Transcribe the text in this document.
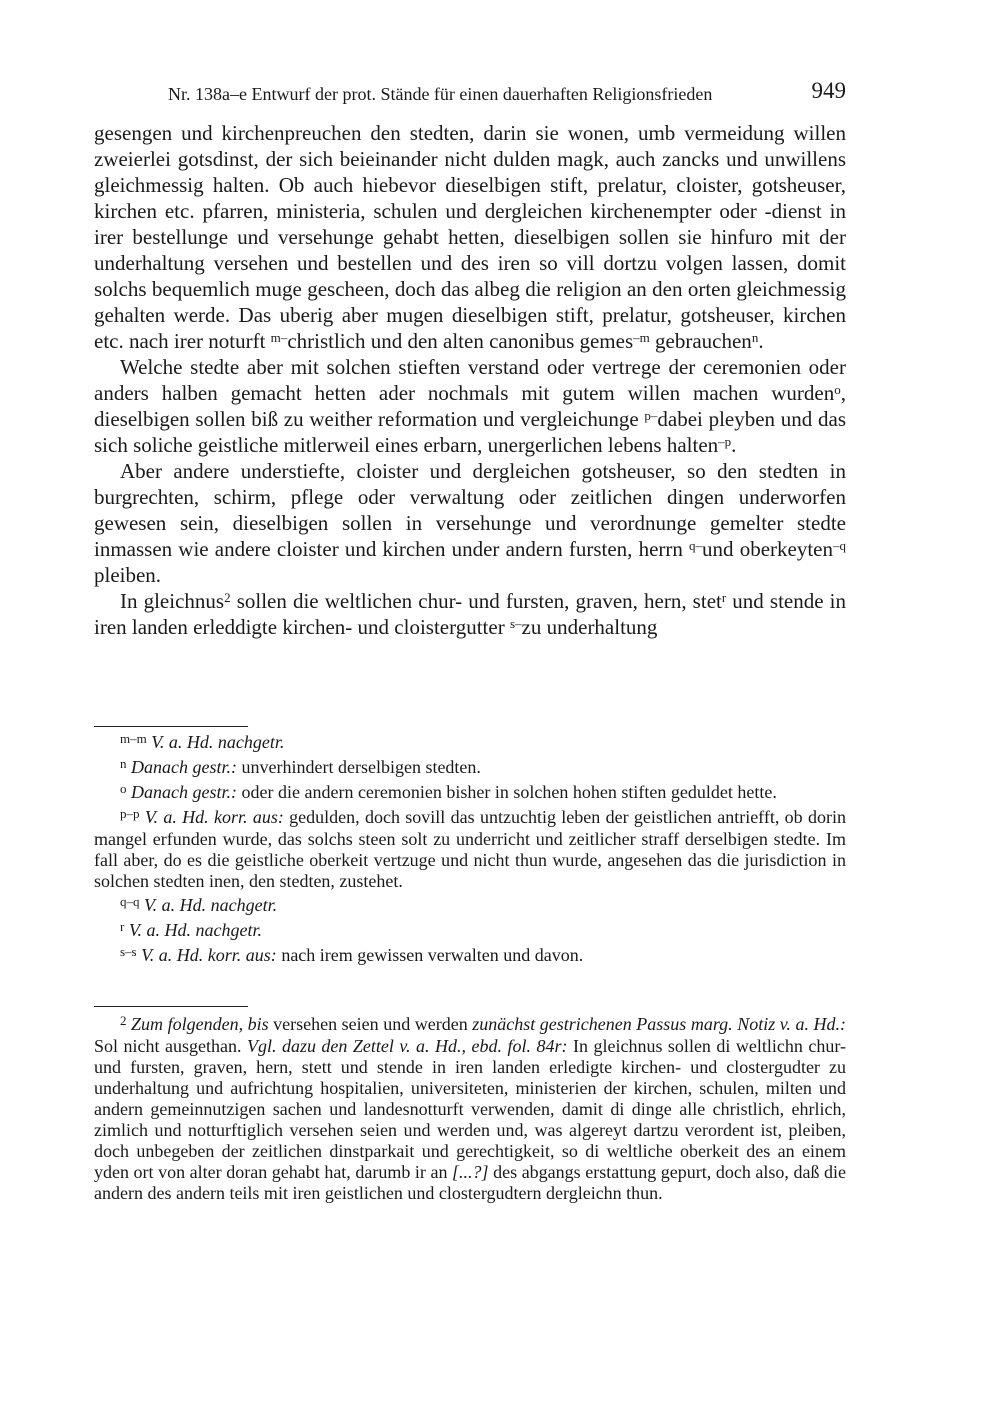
Nr. 138a–e Entwurf der prot. Stände für einen dauerhaften Religionsfrieden	949

gesengen und kirchenpreuchen den stedten, darin sie wonen, umb vermeidung willen zweierlei gotsdinst, der sich beieinander nicht dulden magk, auch zancks und unwillens gleichmessig halten. Ob auch hiebevor dieselbigen stift, prelatur, cloister, gotsheuser, kirchen etc. pfarren, ministeria, schulen und dergleichen kirchenempter oder -dienst in irer bestellunge und versehunge gehabt hetten, dieselbigen sollen sie hinfuro mit der underhaltung versehen und bestellen und des iren so vill dortzu volgen lassen, domit solchs bequemlich muge gescheen, doch das albeg die religion an den orten gleichmessig gehalten werde. Das uberig aber mugen dieselbigen stift, prelatur, gotsheuser, kirchen etc. nach irer noturft $^{m-}$christlich und den alten canonibus gemes$^{-m}$ gebrauchen$^n$.

Welche stedte aber mit solchen stieften verstand oder vertrege der ceremonien oder anders halben gemacht hetten ader nochmals mit gutem willen machen wurden$^o$, dieselbigen sollen biß zu weither reformation und vergleichunge $^{p-}$dabei pleyben und das sich soliche geistliche mitlerweil eines erbarn, unergerlichen lebens halten$^{-p}$.

Aber andere understiefte, cloister und dergleichen gotsheuser, so den stedten in burgrechten, schirm, pflege oder verwaltung oder zeitlichen dingen underworfen gewesen sein, dieselbigen sollen in versehunge und verordnunge gemelter stedte inmassen wie andere cloister und kirchen under andern fursten, herrn $^{q-}$und oberkeyten$^{-q}$ pleiben.

In gleichnus$^2$ sollen die weltlichen chur- und fursten, graven, hern, stet$^r$ und stende in iren landen erleddigte kirchen- und cloistergutter $^{s-}$zu underhaltung

$^{m-m}$ V. a. Hd. nachgetr.

$^n$ Danach gestr.: unverhindert derselbigen stedten.

$^o$ Danach gestr.: oder die andern ceremonien bisher in solchen hohen stiften geduldet hette.

$^{p-p}$ V. a. Hd. korr. aus: gedulden, doch sovill das untzuchtig leben der geistlichen antriefft, ob dorin mangel erfunden wurde, das solchs steen solt zu underricht und zeitlicher straff derselbigen stedte. Im fall aber, do es die geistliche oberkeit vertzuge und nicht thun wurde, angesehen das die jurisdiction in solchen stedten inen, den stedten, zustehet.

$^{q-q}$ V. a. Hd. nachgetr.

$^r$ V. a. Hd. nachgetr.

$^{s-s}$ V. a. Hd. korr. aus: nach irem gewissen verwalten und davon.

$^2$ Zum folgenden, bis versehen seien und werden zunächst gestrichenen Passus marg. Notiz v. a. Hd.: Sol nicht ausgethan. Vgl. dazu den Zettel v. a. Hd., ebd. fol. 84r: In gleichnus sollen di weltlichn chur- und fursten, graven, hern, stett und stende in iren landen erledigte kirchen- und clostergudter zu underhaltung und aufrichtung hospitalien, universiteten, ministerien der kirchen, schulen, milten und andern gemeinnutzigen sachen und landesnotturft verwenden, damit di dinge alle christlich, ehrlich, zimlich und notturftiglich versehen seien und werden und, was algereyt dartzu verordent ist, pleiben, doch unbegeben der zeitlichen dinstparkait und gerechtigkeit, so di weltliche oberkeit des an einem yden ort von alter doran gehabt hat, darumb ir an [...?] des abgangs erstattung gepurt, doch also, daß die andern des andern teils mit iren geistlichen und clostergudtern dergleichn thun.
